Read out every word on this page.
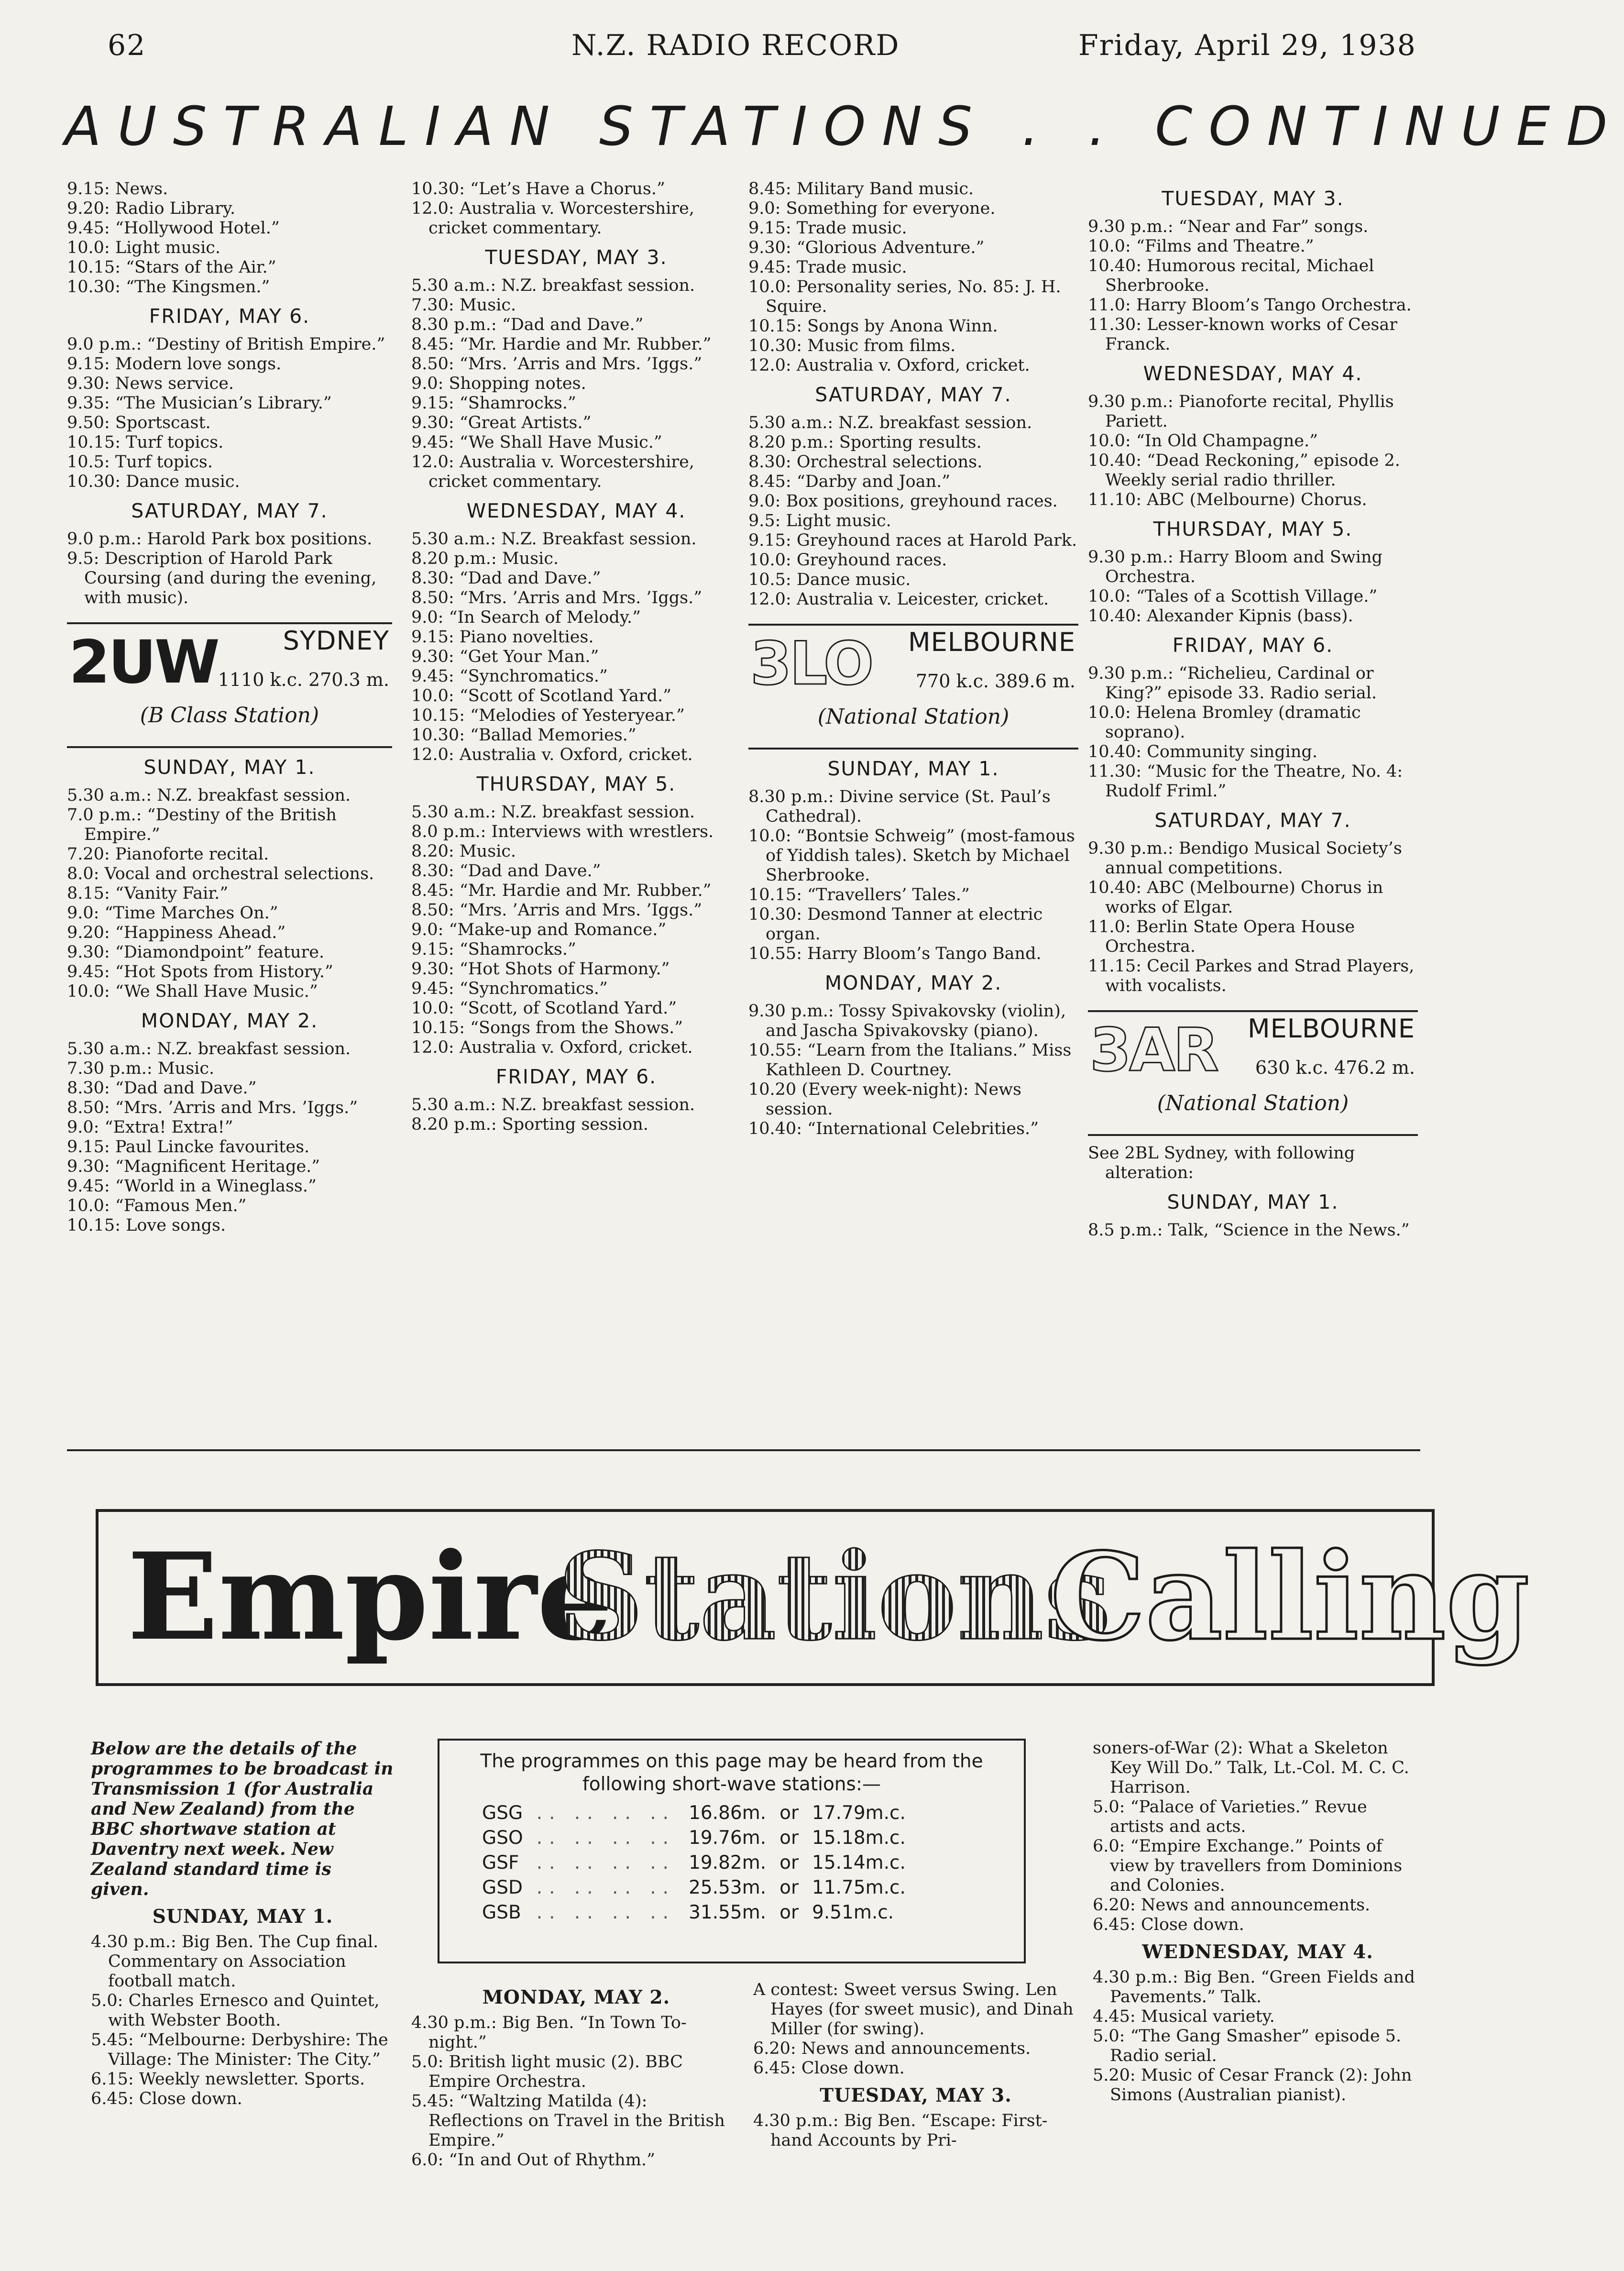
62	N.Z. RADIO RECORD	Friday, April 29, 1938
AUSTRALIAN STATIONS . . CONTINUED

9.15: News.

9.20: Radio Library.

9.45: “Hollywood Hotel.”

10.0: Light music.

10.15: “Stars of the Air.”

10.30: “The Kingsmen.”

FRIDAY, MAY 6.

9.0 p.m.: “Destiny of British Empire.”

9.15: Modern love songs.

9.30: News service.

9.35: “The Musician’s Library.”

9.50: Sportscast.

10.15: Turf topics.

10.5: Turf topics.

10.30: Dance music.

SATURDAY, MAY 7.

9.0 p.m.: Harold Park box positions.

9.5: Description of Harold Park Coursing (and during the evening, with music).

2UW	SYDNEY
1110 k.c. 270.3 m.
(B Class Station)
SUNDAY, MAY 1.

5.30 a.m.: N.Z. breakfast session.

7.0 p.m.: “Destiny of the British Empire.”

7.20: Pianoforte recital.

8.0: Vocal and orchestral selections.

8.15: “Vanity Fair.”

9.0: “Time Marches On.”

9.20: “Happiness Ahead.”

9.30: “Diamondpoint” feature.

9.45: “Hot Spots from History.”

10.0: “We Shall Have Music.”

MONDAY, MAY 2.

5.30 a.m.: N.Z. breakfast session.

7.30 p.m.: Music.

8.30: “Dad and Dave.”

8.50: “Mrs. ’Arris and Mrs. ’Iggs.”

9.0: “Extra! Extra!”

9.15: Paul Lincke favourites.

9.30: “Magnificent Heritage.”

9.45: “World in a Wineglass.”

10.0: “Famous Men.”

10.15: Love songs.

10.30: “Let’s Have a Chorus.”

12.0: Australia v. Worcestershire, cricket commentary.

TUESDAY, MAY 3.

5.30 a.m.: N.Z. breakfast session.

7.30: Music.

8.30 p.m.: “Dad and Dave.”

8.45: “Mr. Hardie and Mr. Rubber.”

8.50: “Mrs. ’Arris and Mrs. ’Iggs.”

9.0: Shopping notes.

9.15: “Shamrocks.”

9.30: “Great Artists.”

9.45: “We Shall Have Music.”

12.0: Australia v. Worcestershire, cricket commentary.

WEDNESDAY, MAY 4.

5.30 a.m.: N.Z. Breakfast session.

8.20 p.m.: Music.

8.30: “Dad and Dave.”

8.50: “Mrs. ’Arris and Mrs. ’Iggs.”

9.0: “In Search of Melody.”

9.15: Piano novelties.

9.30: “Get Your Man.”

9.45: “Synchromatics.”

10.0: “Scott of Scotland Yard.”

10.15: “Melodies of Yesteryear.”

10.30: “Ballad Memories.”

12.0: Australia v. Oxford, cricket.

THURSDAY, MAY 5.

5.30 a.m.: N.Z. breakfast session.

8.0 p.m.: Interviews with wrestlers.

8.20: Music.

8.30: “Dad and Dave.”

8.45: “Mr. Hardie and Mr. Rubber.”

8.50: “Mrs. ’Arris and Mrs. ’Iggs.”

9.0: “Make-up and Romance.”

9.15: “Shamrocks.”

9.30: “Hot Shots of Harmony.”

9.45: “Synchromatics.”

10.0: “Scott, of Scotland Yard.”

10.15: “Songs from the Shows.”

12.0: Australia v. Oxford, cricket.

FRIDAY, MAY 6.

5.30 a.m.: N.Z. breakfast session.

8.20 p.m.: Sporting session.

8.45: Military Band music.

9.0: Something for everyone.

9.15: Trade music.

9.30: “Glorious Adventure.”

9.45: Trade music.

10.0: Personality series, No. 85: J. H. Squire.

10.15: Songs by Anona Winn.

10.30: Music from films.

12.0: Australia v. Oxford, cricket.

SATURDAY, MAY 7.

5.30 a.m.: N.Z. breakfast session.

8.20 p.m.: Sporting results.

8.30: Orchestral selections.

8.45: “Darby and Joan.”

9.0: Box positions, greyhound races.

9.5: Light music.

9.15: Greyhound races at Harold Park.

10.0: Greyhound races.

10.5: Dance music.

12.0: Australia v. Leicester, cricket.

3LO MELBOURNE
770 k.c. 389.6 m.
(National Station)
SUNDAY, MAY 1.

8.30 p.m.: Divine service (St. Paul’s Cathedral).

10.0: “Bontsie Schweig” (most-famous of Yiddish tales). Sketch by Michael Sherbrooke.

10.15: “Travellers’ Tales.”

10.30: Desmond Tanner at electric organ.

10.55: Harry Bloom’s Tango Band.

MONDAY, MAY 2.

9.30 p.m.: Tossy Spivakovsky (violin), and Jascha Spivakovsky (piano).

10.55: “Learn from the Italians.” Miss Kathleen D. Courtney.

10.20 (Every week-night): News session.

10.40: “International Celebrities.”

TUESDAY, MAY 3.

9.30 p.m.: “Near and Far” songs.

10.0: “Films and Theatre.”

10.40: Humorous recital, Michael Sherbrooke.

11.0: Harry Bloom’s Tango Orchestra.

11.30: Lesser-known works of Cesar Franck.

WEDNESDAY, MAY 4.

9.30 p.m.: Pianoforte recital, Phyllis Pariett.

10.0: “In Old Champagne.”

10.40: “Dead Reckoning,” episode 2. Weekly serial radio thriller.

11.10: ABC (Melbourne) Chorus.

THURSDAY, MAY 5.

9.30 p.m.: Harry Bloom and Swing Orchestra.

10.0: “Tales of a Scottish Village.”

10.40: Alexander Kipnis (bass).

FRIDAY, MAY 6.

9.30 p.m.: “Richelieu, Cardinal or King?” episode 33. Radio serial.

10.0: Helena Bromley (dramatic soprano).

10.40: Community singing.

11.30: “Music for the Theatre, No. 4: Rudolf Friml.”

SATURDAY, MAY 7.

9.30 p.m.: Bendigo Musical Society’s annual competitions.

10.40: ABC (Melbourne) Chorus in works of Elgar.

11.0: Berlin State Opera House Orchestra.

11.15: Cecil Parkes and Strad Players, with vocalists.

3AR MELBOURNE
630 k.c. 476.2 m.
(National Station)

See 2BL Sydney, with following alteration:

SUNDAY, MAY 1.

8.5 p.m.: Talk, “Science in the News.”

Empire
Stations
Calling

Below are the details of the programmes to be broadcast in Transmission 1 (for Australia and New Zealand) from the BBC shortwave station at Daventry next week. New Zealand standard time is given.

SUNDAY, MAY 1.

4.30 p.m.: Big Ben. The Cup final. Commentary on Association football match.

5.0: Charles Ernesco and Quintet, with Webster Booth.

5.45: “Melbourne: Derbyshire: The Village: The Minister: The City.”

6.15: Weekly newsletter. Sports.

6.45: Close down.

The programmes on this page may be heard from the following short-wave stations:—
GSG	.. .. .. ..	16.86m.	or	17.79m.c.
GSO	.. .. .. ..	19.76m.	or	15.18m.c.
GSF	.. .. .. ..	19.82m.	or	15.14m.c.
GSD	.. .. .. ..	25.53m.	or	11.75m.c.
GSB	.. .. .. ..	31.55m.	or	9.51m.c.
MONDAY, MAY 2.

4.30 p.m.: Big Ben. “In Town To-night.”

5.0: British light music (2). BBC Empire Orchestra.

5.45: “Waltzing Matilda (4): Reflections on Travel in the British Empire.”

6.0: “In and Out of Rhythm.”

A contest: Sweet versus Swing. Len Hayes (for sweet music), and Dinah Miller (for swing).

6.20: News and announcements.

6.45: Close down.

TUESDAY, MAY 3.

4.30 p.m.: Big Ben. “Escape: First-hand Accounts by Pri-

soners-of-War (2): What a Skeleton Key Will Do.” Talk, Lt.-Col. M. C. C. Harrison.

5.0: “Palace of Varieties.” Revue artists and acts.

6.0: “Empire Exchange.” Points of view by travellers from Dominions and Colonies.

6.20: News and announcements.

6.45: Close down.

WEDNESDAY, MAY 4.

4.30 p.m.: Big Ben. “Green Fields and Pavements.” Talk.

4.45: Musical variety.

5.0: “The Gang Smasher” episode 5. Radio serial.

5.20: Music of Cesar Franck (2): John Simons (Australian pianist).
